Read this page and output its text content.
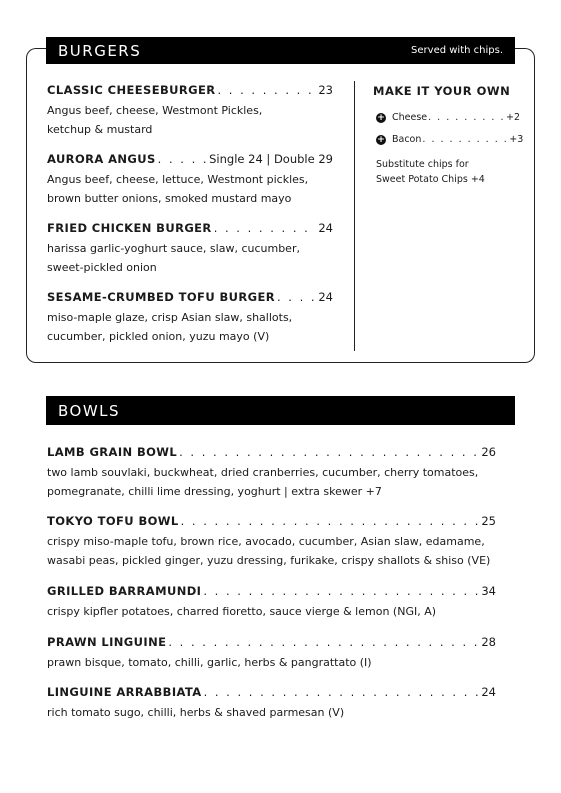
BURGERS	Served with chips.
CLASSIC CHEESEBURGER . . .	23
Angus beef, cheese, Westmont Pickles,
ketchup & mustard
AURORA ANGUS . . .	Single 24 | Double 29
Angus beef, cheese, lettuce, Westmont pickles,
brown butter onions, smoked mustard mayo
FRIED CHICKEN BURGER . . .	24
harissa garlic-yoghurt sauce, slaw, cucumber,
sweet-pickled onion
SESAME-CRUMBED TOFU BURGER . . .	24
miso-maple glaze, crisp Asian slaw, shallots,
cucumber, pickled onion, yuzu mayo (V)
MAKE IT YOUR OWN
+ Cheese . . . . . . . . . +2
+ Bacon . . . . . . . . . . +3
Substitute chips for
Sweet Potato Chips +4
BOWLS
LAMB GRAIN BOWL . . .	26
two lamb souvlaki, buckwheat, dried cranberries, cucumber, cherry tomatoes,
pomegranate, chilli lime dressing, yoghurt | extra skewer +7
TOKYO TOFU BOWL . . .	25
crispy miso-maple tofu, brown rice, avocado, cucumber, Asian slaw, edamame,
wasabi peas, pickled ginger, yuzu dressing, furikake, crispy shallots & shiso (VE)
GRILLED BARRAMUNDI . . .	34
crispy kipfler potatoes, charred fioretto, sauce vierge & lemon (NGI, A)
PRAWN LINGUINE . . .	28
prawn bisque, tomato, chilli, garlic, herbs & pangrattato (I)
LINGUINE ARRABBIATA . . .	24
rich tomato sugo, chilli, herbs & shaved parmesan (V)
